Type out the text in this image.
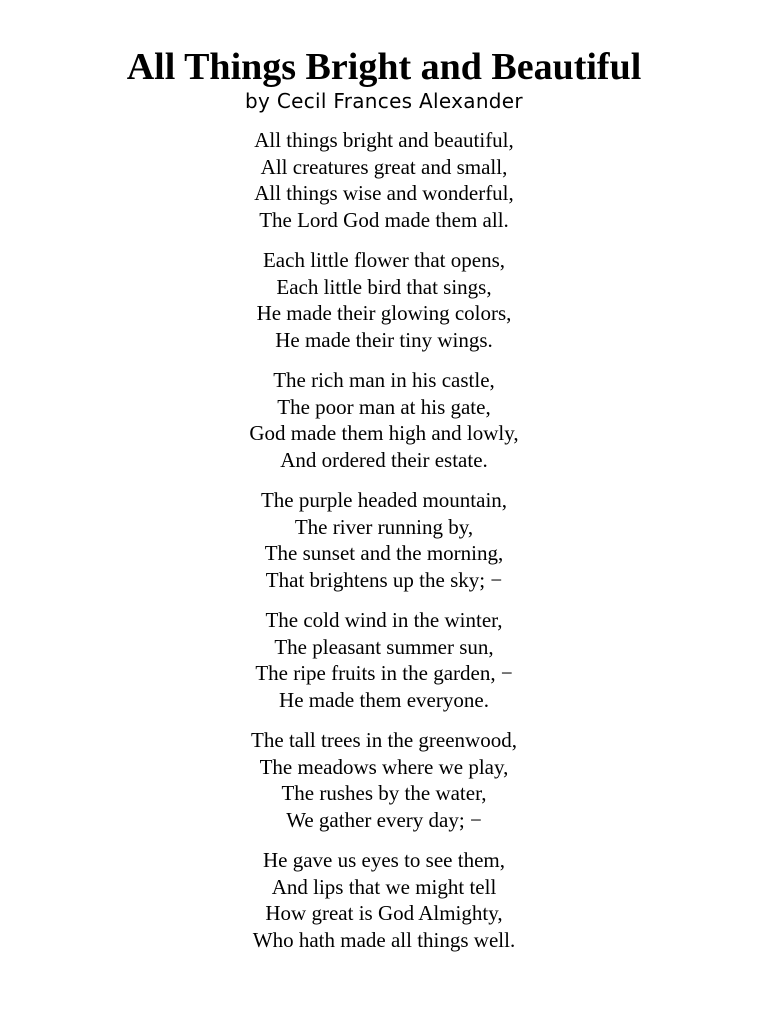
All Things Bright and Beautiful

by Cecil Frances Alexander

All things bright and beautiful,
All creatures great and small,
All things wise and wonderful,
The Lord God made them all.
Each little flower that opens,
Each little bird that sings,
He made their glowing colors,
He made their tiny wings.
The rich man in his castle,
The poor man at his gate,
God made them high and lowly,
And ordered their estate.
The purple headed mountain,
The river running by,
The sunset and the morning,
That brightens up the sky; −
The cold wind in the winter,
The pleasant summer sun,
The ripe fruits in the garden, −
He made them everyone.
The tall trees in the greenwood,
The meadows where we play,
The rushes by the water,
We gather every day; −
He gave us eyes to see them,
And lips that we might tell
How great is God Almighty,
Who hath made all things well.
